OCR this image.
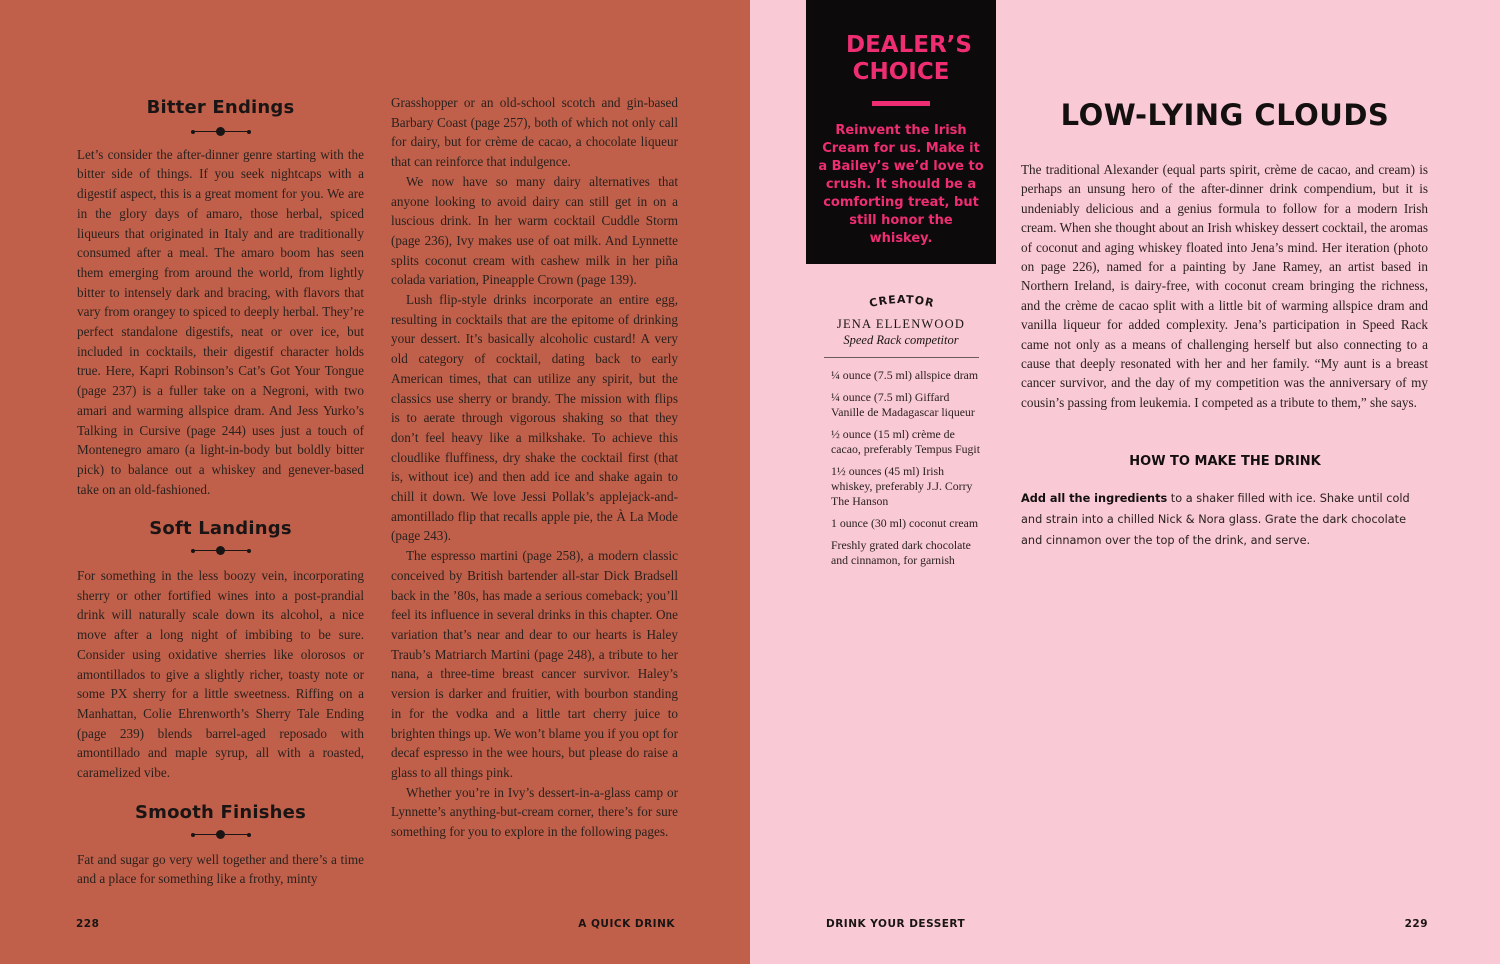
Bitter Endings

Let’s consider the after-dinner genre starting with the bitter side of things. If you seek nightcaps with a digestif aspect, this is a great moment for you. We are in the glory days of amaro, those herbal, spiced liqueurs that originated in Italy and are traditionally consumed after a meal. The amaro boom has seen them emerging from around the world, from lightly bitter to intensely dark and bracing, with flavors that vary from orangey to spiced to deeply herbal. They’re perfect standalone digestifs, neat or over ice, but included in cocktails, their digestif character holds true. Here, Kapri Robinson’s Cat’s Got Your Tongue (page 237) is a fuller take on a Negroni, with two amari and warming allspice dram. And Jess Yurko’s Talking in Cursive (page 244) uses just a touch of Montenegro amaro (a light-in-body but boldly bitter pick) to balance out a whiskey and genever-based take on an old-fashioned.

Soft Landings

For something in the less boozy vein, incorporating sherry or other fortified wines into a post-prandial drink will naturally scale down its alcohol, a nice move after a long night of imbibing to be sure. Consider using oxidative sherries like olorosos or amontillados to give a slightly richer, toasty note or some PX sherry for a little sweetness. Riffing on a Manhattan, Colie Ehrenworth’s Sherry Tale Ending (page 239) blends barrel-aged reposado with amontillado and maple syrup, all with a roasted, caramelized vibe.

Smooth Finishes

Fat and sugar go very well together and there’s a time and a place for something like a frothy, minty

Grasshopper or an old-school scotch and gin-based Barbary Coast (page 257), both of which not only call for dairy, but for crème de cacao, a chocolate liqueur that can reinforce that indulgence.

We now have so many dairy alternatives that anyone looking to avoid dairy can still get in on a luscious drink. In her warm cocktail Cuddle Storm (page 236), Ivy makes use of oat milk. And Lynnette splits coconut cream with cashew milk in her piña colada variation, Pineapple Crown (page 139).

Lush flip-style drinks incorporate an entire egg, resulting in cocktails that are the epitome of drinking your dessert. It’s basically alcoholic custard! A very old category of cocktail, dating back to early American times, that can utilize any spirit, but the classics use sherry or brandy. The mission with flips is to aerate through vigorous shaking so that they don’t feel heavy like a milkshake. To achieve this cloudlike fluffiness, dry shake the cocktail first (that is, without ice) and then add ice and shake again to chill it down. We love Jessi Pollak’s applejack-and-amontillado flip that recalls apple pie, the À La Mode (page 243).

The espresso martini (page 258), a modern classic conceived by British bartender all-star Dick Bradsell back in the ’80s, has made a serious comeback; you’ll feel its influence in several drinks in this chapter. One variation that’s near and dear to our hearts is Haley Traub’s Matriarch Martini (page 248), a tribute to her nana, a three-time breast cancer survivor. Haley’s version is darker and fruitier, with bourbon standing in for the vodka and a little tart cherry juice to brighten things up. We won’t blame you if you opt for decaf espresso in the wee hours, but please do raise a glass to all things pink.

Whether you’re in Ivy’s dessert-in-a-glass camp or Lynnette’s anything-but-cream corner, there’s for sure something for you to explore in the following pages.

228	A QUICK DRINK
DEALER’S CHOICE
Reinvent the Irish Cream for us. Make it a Bailey’s we’d love to crush. It should be a comforting treat, but still honor the whiskey.
CREATOR
JENA ELLENWOOD
Speed Rack competitor
¼ ounce (7.5 ml) allspice dram
¼ ounce (7.5 ml) Giffard Vanille de Madagascar liqueur
½ ounce (15 ml) crème de cacao, preferably Tempus Fugit
1½ ounces (45 ml) Irish whiskey, preferably J.J. Corry The Hanson
1 ounce (30 ml) coconut cream
Freshly grated dark chocolate and cinnamon, for garnish
LOW-LYING CLOUDS
The traditional Alexander (equal parts spirit, crème de cacao, and cream) is perhaps an unsung hero of the after-dinner drink compendium, but it is undeniably delicious and a genius formula to follow for a modern Irish cream. When she thought about an Irish whiskey dessert cocktail, the aromas of coconut and aging whiskey floated into Jena’s mind. Her iteration (photo on page 226), named for a painting by Jane Ramey, an artist based in Northern Ireland, is dairy-free, with coconut cream bringing the richness, and the crème de cacao split with a little bit of warming allspice dram and vanilla liqueur for added complexity. Jena’s participation in Speed Rack came not only as a means of challenging herself but also connecting to a cause that deeply resonated with her and her family. “My aunt is a breast cancer survivor, and the day of my competition was the anniversary of my cousin’s passing from leukemia. I competed as a tribute to them,” she says.
HOW TO MAKE THE DRINK
Add all the ingredients to a shaker filled with ice. Shake until cold and strain into a chilled Nick & Nora glass. Grate the dark chocolate and cinnamon over the top of the drink, and serve.
DRINK YOUR DESSERT	229
